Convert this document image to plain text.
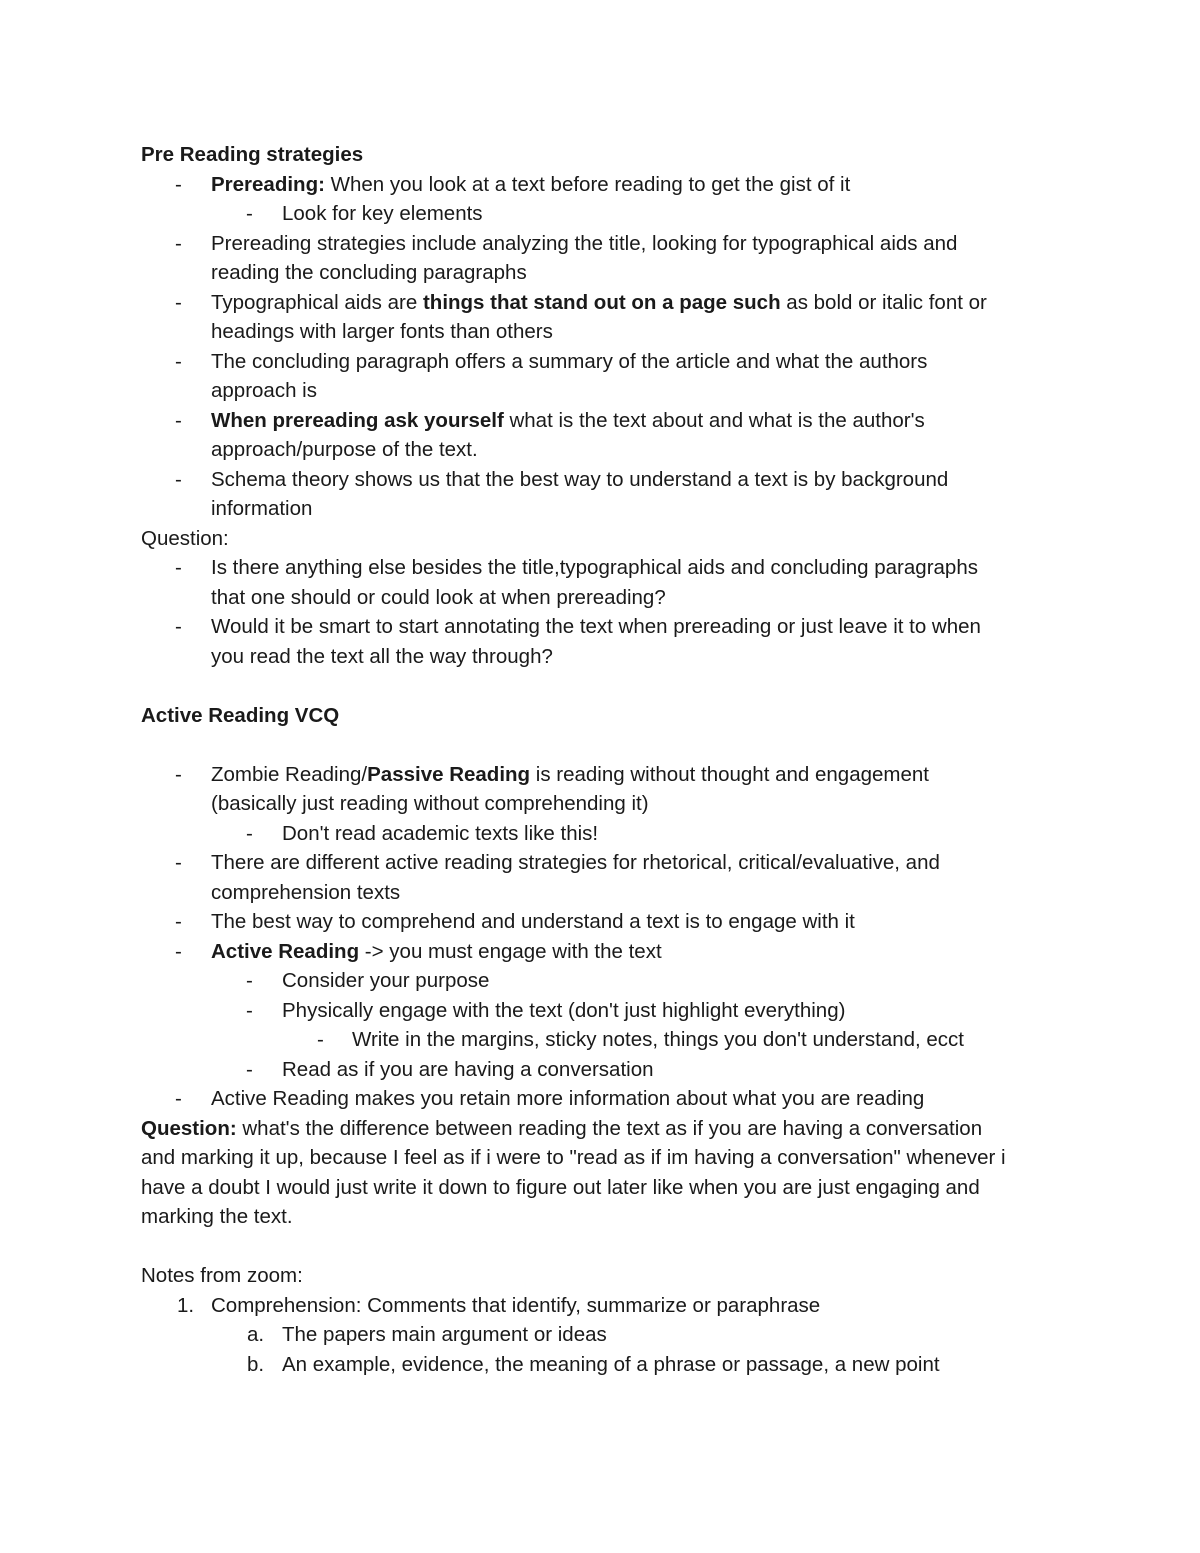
Pre Reading strategies
- Prereading: When you look at a text before reading to get the gist of it
- Look for key elements
- Prereading strategies include analyzing the title, looking for typographical aids and
reading the concluding paragraphs
- Typographical aids are things that stand out on a page such as bold or italic font or
headings with larger fonts than others
- The concluding paragraph offers a summary of the article and what the authors
approach is
- When prereading ask yourself what is the text about and what is the author's
approach/purpose of the text.
- Schema theory shows us that the best way to understand a text is by background
information
Question:
- Is there anything else besides the title,typographical aids and concluding paragraphs
that one should or could look at when prereading?
- Would it be smart to start annotating the text when prereading or just leave it to when
you read the text all the way through?
Active Reading VCQ
- Zombie Reading/Passive Reading is reading without thought and engagement
(basically just reading without comprehending it)
- Don't read academic texts like this!
- There are different active reading strategies for rhetorical, critical/evaluative, and
comprehension texts
- The best way to comprehend and understand a text is to engage with it
- Active Reading -> you must engage with the text
- Consider your purpose
- Physically engage with the text (don't just highlight everything)
- Write in the margins, sticky notes, things you don't understand, ecct
- Read as if you are having a conversation
- Active Reading makes you retain more information about what you are reading
Question: what's the difference between reading the text as if you are having a conversation
and marking it up, because I feel as if i were to "read as if im having a conversation" whenever i
have a doubt I would just write it down to figure out later like when you are just engaging and
marking the text.
Notes from zoom:
1. Comprehension: Comments that identify, summarize or paraphrase
a. The papers main argument or ideas
b. An example, evidence, the meaning of a phrase or passage, a new point
